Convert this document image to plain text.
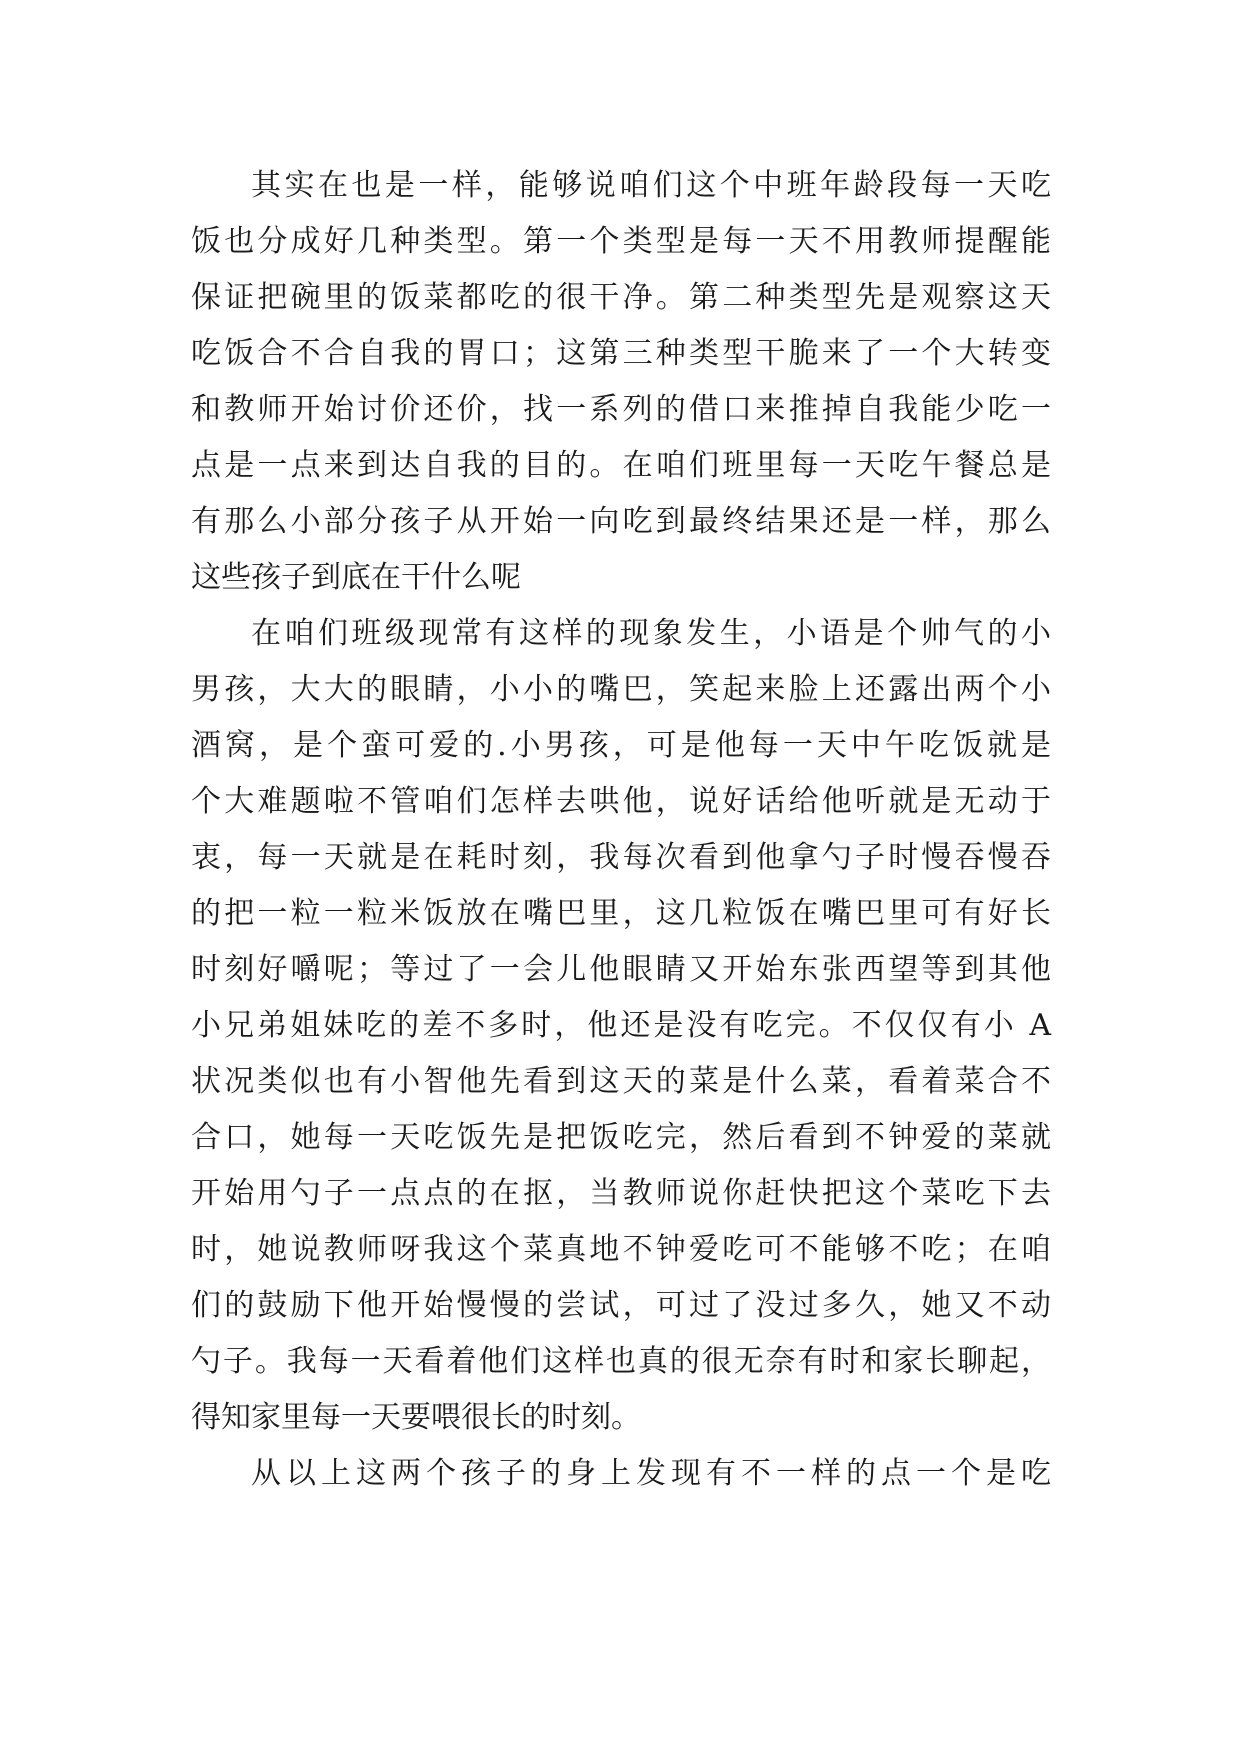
其实在也是一样，能够说咱们这个中班年龄段每一天吃
饭也分成好几种类型。第一个类型是每一天不用教师提醒能
保证把碗里的饭菜都吃的很干净。第二种类型先是观察这天
吃饭合不合自我的胃口；这第三种类型干脆来了一个大转变
和教师开始讨价还价，找一系列的借口来推掉自我能少吃一
点是一点来到达自我的目的。在咱们班里每一天吃午餐总是
有那么小部分孩子从开始一向吃到最终结果还是一样，那么
这些孩子到底在干什么呢
在咱们班级现常有这样的现象发生，小语是个帅气的小
男孩，大大的眼睛，小小的嘴巴，笑起来脸上还露出两个小
酒窝，是个蛮可爱的.小男孩，可是他每一天中午吃饭就是
个大难题啦不管咱们怎样去哄他，说好话给他听就是无动于
衷，每一天就是在耗时刻，我每次看到他拿勺子时慢吞慢吞
的把一粒一粒米饭放在嘴巴里，这几粒饭在嘴巴里可有好长
时刻好嚼呢；等过了一会儿他眼睛又开始东张西望等到其他
小兄弟姐妹吃的差不多时，他还是没有吃完。不仅仅有小 A
状况类似也有小智他先看到这天的菜是什么菜，看着菜合不
合口，她每一天吃饭先是把饭吃完，然后看到不钟爱的菜就
开始用勺子一点点的在抠，当教师说你赶快把这个菜吃下去
时，她说教师呀我这个菜真地不钟爱吃可不能够不吃；在咱
们的鼓励下他开始慢慢的尝试，可过了没过多久，她又不动
勺子。我每一天看着他们这样也真的很无奈有时和家长聊起，
得知家里每一天要喂很长的时刻。
从以上这两个孩子的身上发现有不一样的点一个是吃
